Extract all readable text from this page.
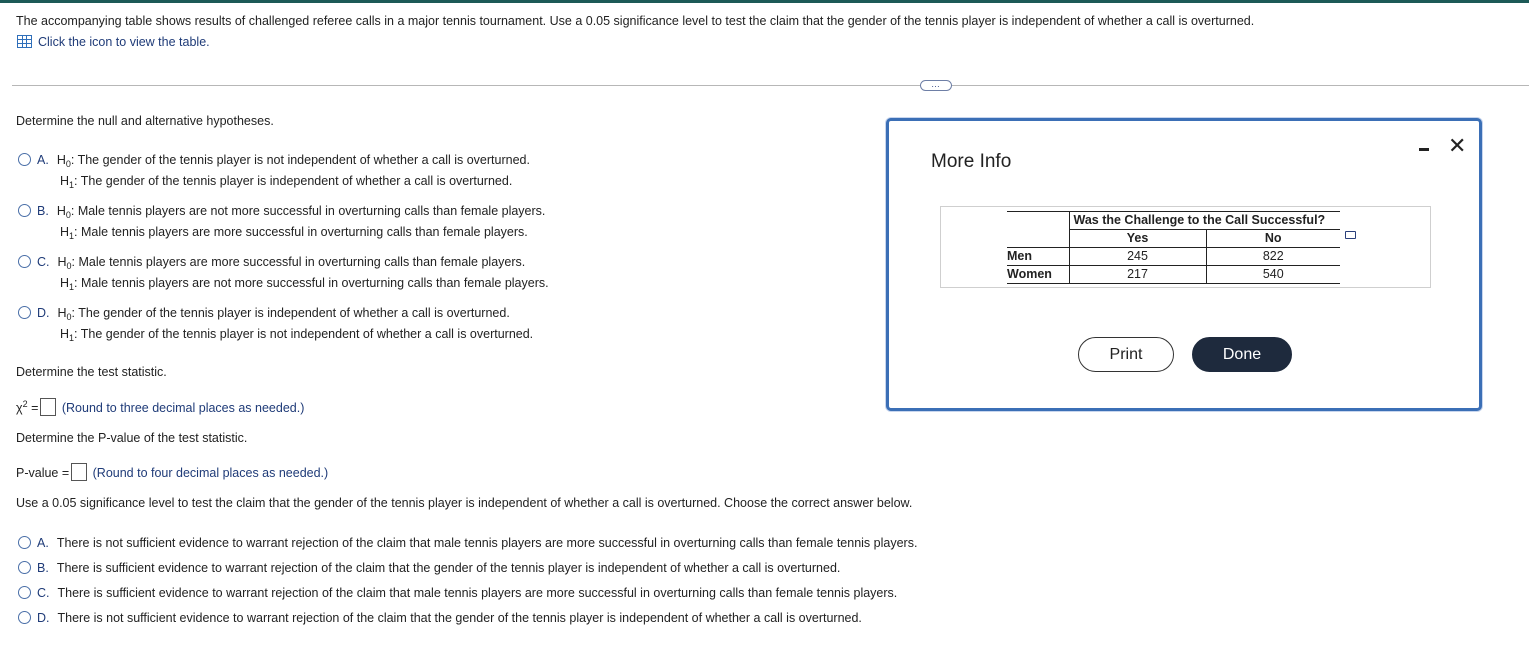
The accompanying table shows results of challenged referee calls in a major tennis tournament. Use a 0.05 significance level to test the claim that the gender of the tennis player is independent of whether a call is overturned.
Click the icon to view the table.
…
Determine the null and alternative hypotheses.
A. $H_0$: The gender of the tennis player is not independent of whether a call is overturned.
$H_1$: The gender of the tennis player is independent of whether a call is overturned.
B. $H_0$: Male tennis players are not more successful in overturning calls than female players.
$H_1$: Male tennis players are more successful in overturning calls than female players.
C. $H_0$: Male tennis players are more successful in overturning calls than female players.
$H_1$: Male tennis players are not more successful in overturning calls than female players.
D. $H_0$: The gender of the tennis player is independent of whether a call is overturned.
$H_1$: The gender of the tennis player is not independent of whether a call is overturned.
Determine the test statistic.
$\chi^2$ = (Round to three decimal places as needed.)
Determine the P-value of the test statistic.
P-value = (Round to four decimal places as needed.)
Use a 0.05 significance level to test the claim that the gender of the tennis player is independent of whether a call is overturned. Choose the correct answer below.
A. There is not sufficient evidence to warrant rejection of the claim that male tennis players are more successful in overturning calls than female tennis players.
B. There is sufficient evidence to warrant rejection of the claim that the gender of the tennis player is independent of whether a call is overturned.
C. There is sufficient evidence to warrant rejection of the claim that male tennis players are more successful in overturning calls than female tennis players.
D. There is not sufficient evidence to warrant rejection of the claim that the gender of the tennis player is independent of whether a call is overturned.
More Info
✕
	Was the Challenge to the Call Successful?	
	Yes	No
Men	245	822
Women	217	540
Print	Done
